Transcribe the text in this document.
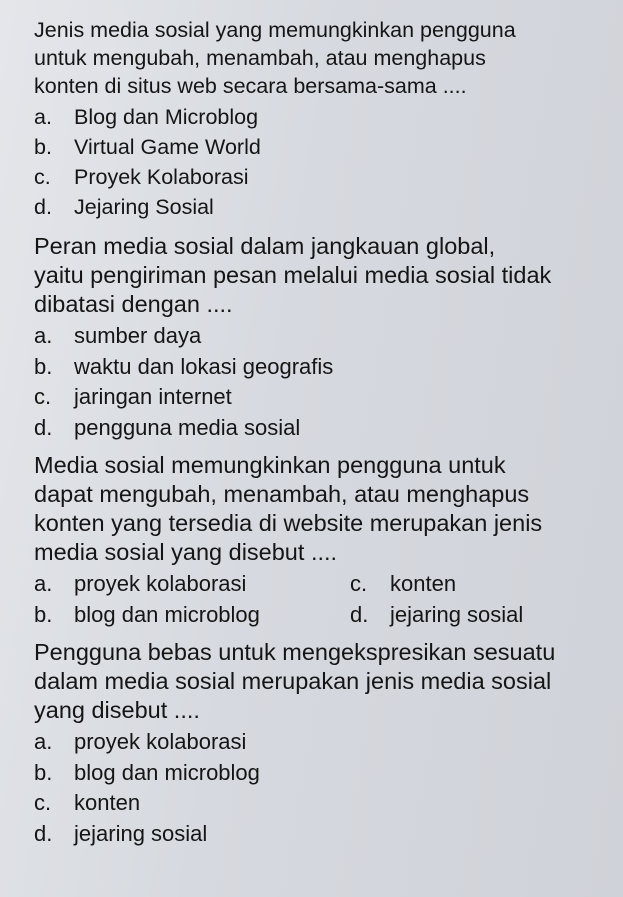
Jenis media sosial yang memungkinkan pengguna
untuk mengubah, menambah, atau menghapus
konten di situs web secara bersama-sama ....
a.	Blog dan Microblog
b.	Virtual Game World
c.	Proyek Kolaborasi
d.	Jejaring Sosial
Peran media sosial dalam jangkauan global,
yaitu pengiriman pesan melalui media sosial tidak
dibatasi dengan ....
a. sumber daya
b. waktu dan lokasi geografis
c.	jaringan internet
d. pengguna media sosial
Media sosial memungkinkan pengguna untuk
dapat mengubah, menambah, atau menghapus
konten yang tersedia di website merupakan jenis
media sosial yang disebut ....
a. proyek kolaborasi	c.	konten
b. blog dan microblog	d. jejaring sosial
Pengguna bebas untuk mengekspresikan sesuatu
dalam media sosial merupakan jenis media sosial
yang disebut ....
a. proyek kolaborasi
b. blog dan microblog
c.	konten
d. jejaring sosial
